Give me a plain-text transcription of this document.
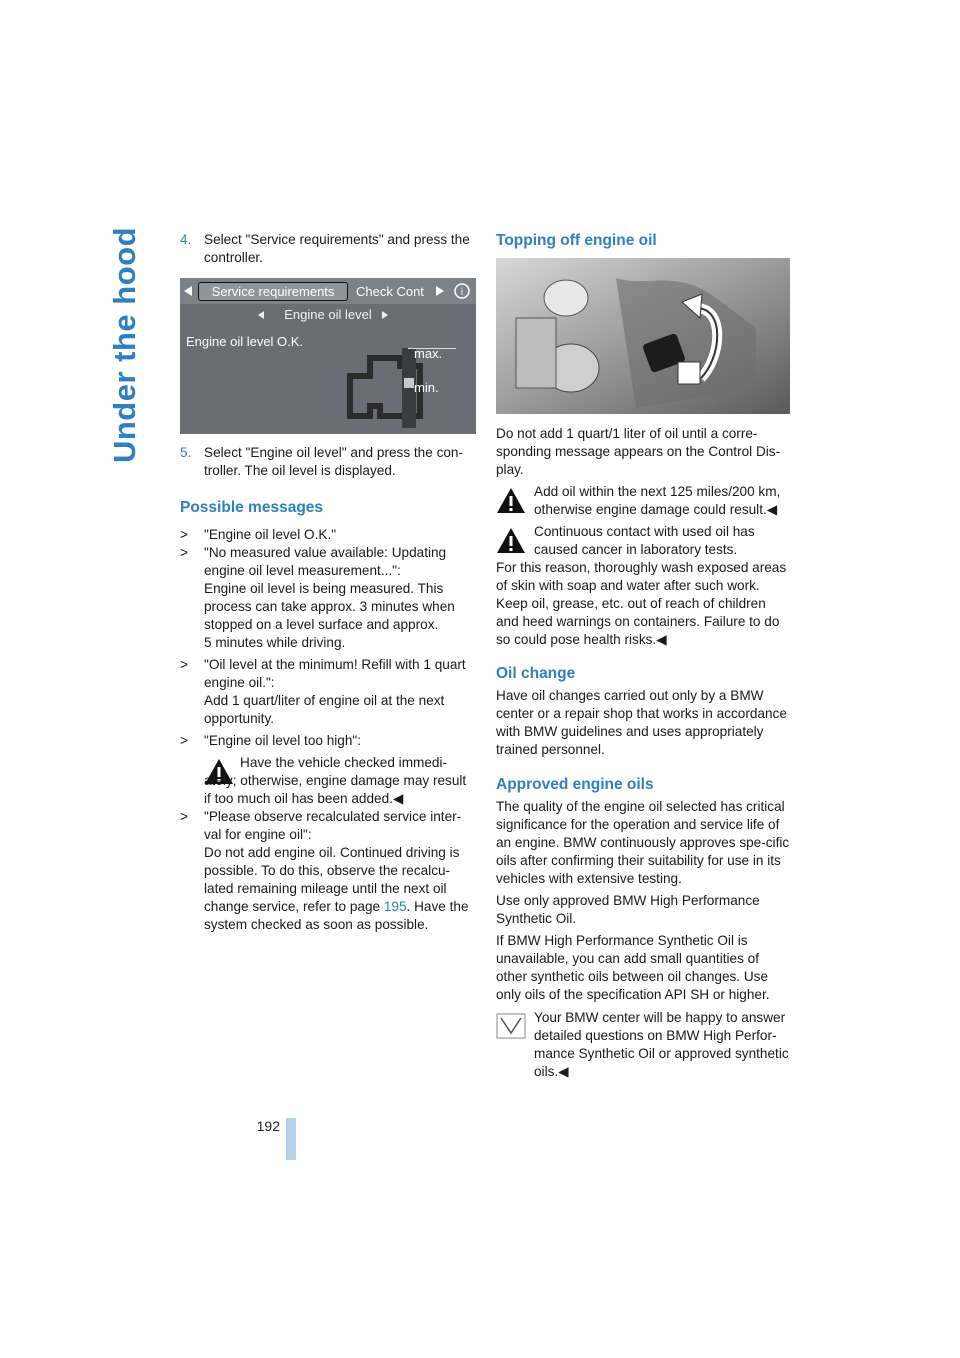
Under the hood
192
4. Select "Service requirements" and press the controller.
Service requirements	Check Cont	i
Engine oil level
Engine oil level O.K.
max.
min.
5. Select "Engine oil level" and press the con-troller. The oil level is displayed.
Possible messages
>	"Engine oil level O.K."
>	"No measured value available: Updating engine oil level measurement...":
Engine oil level is being measured. This process can take approx. 3 minutes when stopped on a level surface and approx.
5 minutes while driving.
>	"Oil level at the minimum! Refill with 1 quart engine oil.":
Add 1 quart/liter of engine oil at the next opportunity.
>	"Engine oil level too high":
Have the vehicle checked immedi-ately; otherwise, engine damage may result if too much oil has been added.◀
>	"Please observe recalculated service inter-val for engine oil":
Do not add engine oil. Continued driving is possible. To do this, observe the recalcu-lated remaining mileage until the next oil change service, refer to page 195. Have the system checked as soon as possible.
Topping off engine oil

Do not add 1 quart/1 liter of oil until a corre-sponding message appears on the Control Dis-play.

Add oil within the next 125 miles/200 km, otherwise engine damage could result.◀

Continuous contact with used oil has caused cancer in laboratory tests.

For this reason, thoroughly wash exposed areas of skin with soap and water after such work. Keep oil, grease, etc. out of reach of children and heed warnings on containers. Failure to do so could pose health risks.◀

Oil change

Have oil changes carried out only by a BMW center or a repair shop that works in accordance with BMW guidelines and uses appropriately trained personnel.

Approved engine oils

The quality of the engine oil selected has critical significance for the operation and service life of an engine. BMW continuously approves spe-cific oils after confirming their suitability for use in its vehicles with extensive testing.

Use only approved BMW High Performance Synthetic Oil.

If BMW High Performance Synthetic Oil is unavailable, you can add small quantities of other synthetic oils between oil changes. Use only oils of the specification API SH or higher.

Your BMW center will be happy to answer detailed questions on BMW High Perfor-mance Synthetic Oil or approved synthetic oils.◀
